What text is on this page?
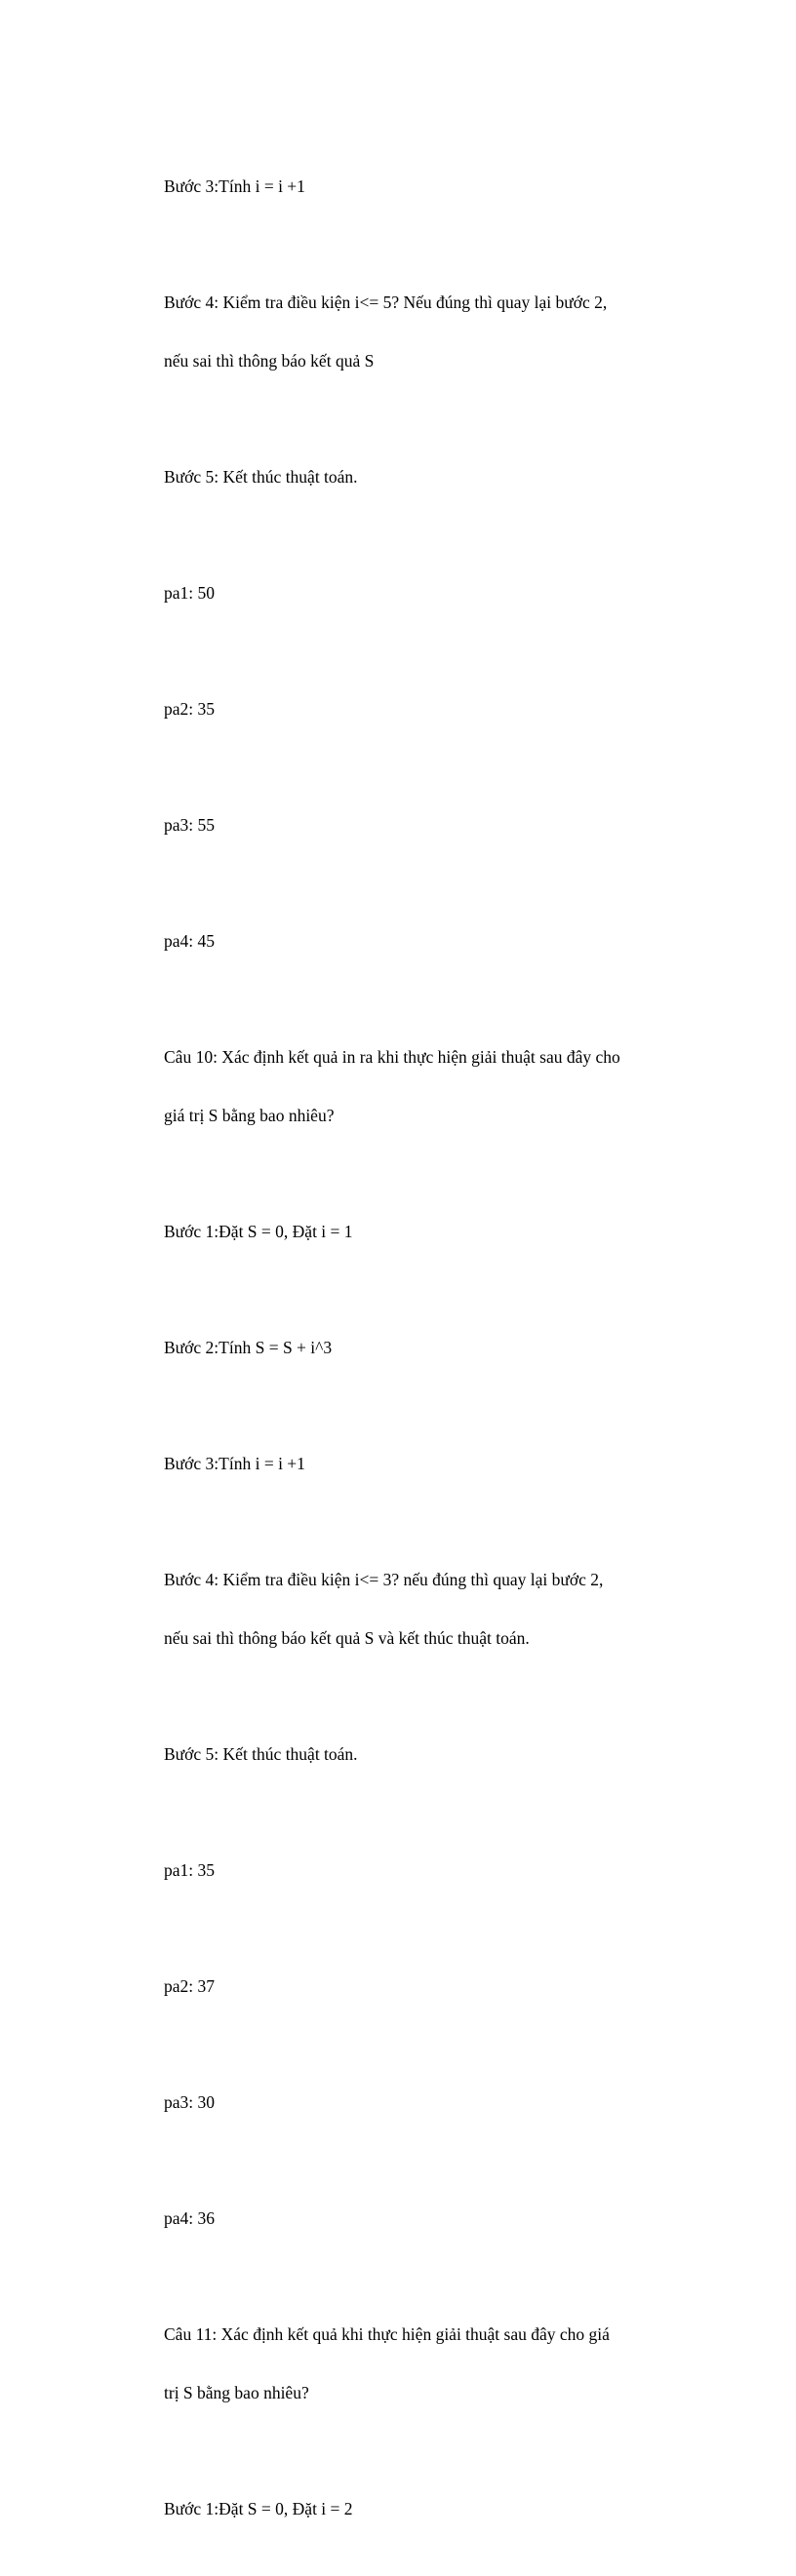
Bước 3:Tính i = i +1

Bước 4: Kiểm tra điều kiện i<= 5? Nếu đúng thì quay lại bước 2,

nếu sai thì thông báo kết quả S

Bước 5: Kết thúc thuật toán.

pa1: 50

pa2: 35

pa3: 55

pa4: 45

Câu 10: Xác định kết quả in ra khi thực hiện giải thuật sau đây cho

giá trị S bằng bao nhiêu?

Bước 1:Đặt S = 0, Đặt i = 1

Bước 2:Tính S = S + i^3

Bước 3:Tính i = i +1

Bước 4: Kiểm tra điều kiện i<= 3? nếu đúng thì quay lại bước 2,

nếu sai thì thông báo kết quả S và kết thúc thuật toán.

Bước 5: Kết thúc thuật toán.

pa1: 35

pa2: 37

pa3: 30

pa4: 36

Câu 11: Xác định kết quả khi thực hiện giải thuật sau đây cho giá

trị S bằng bao nhiêu?

Bước 1:Đặt S = 0, Đặt i = 2
